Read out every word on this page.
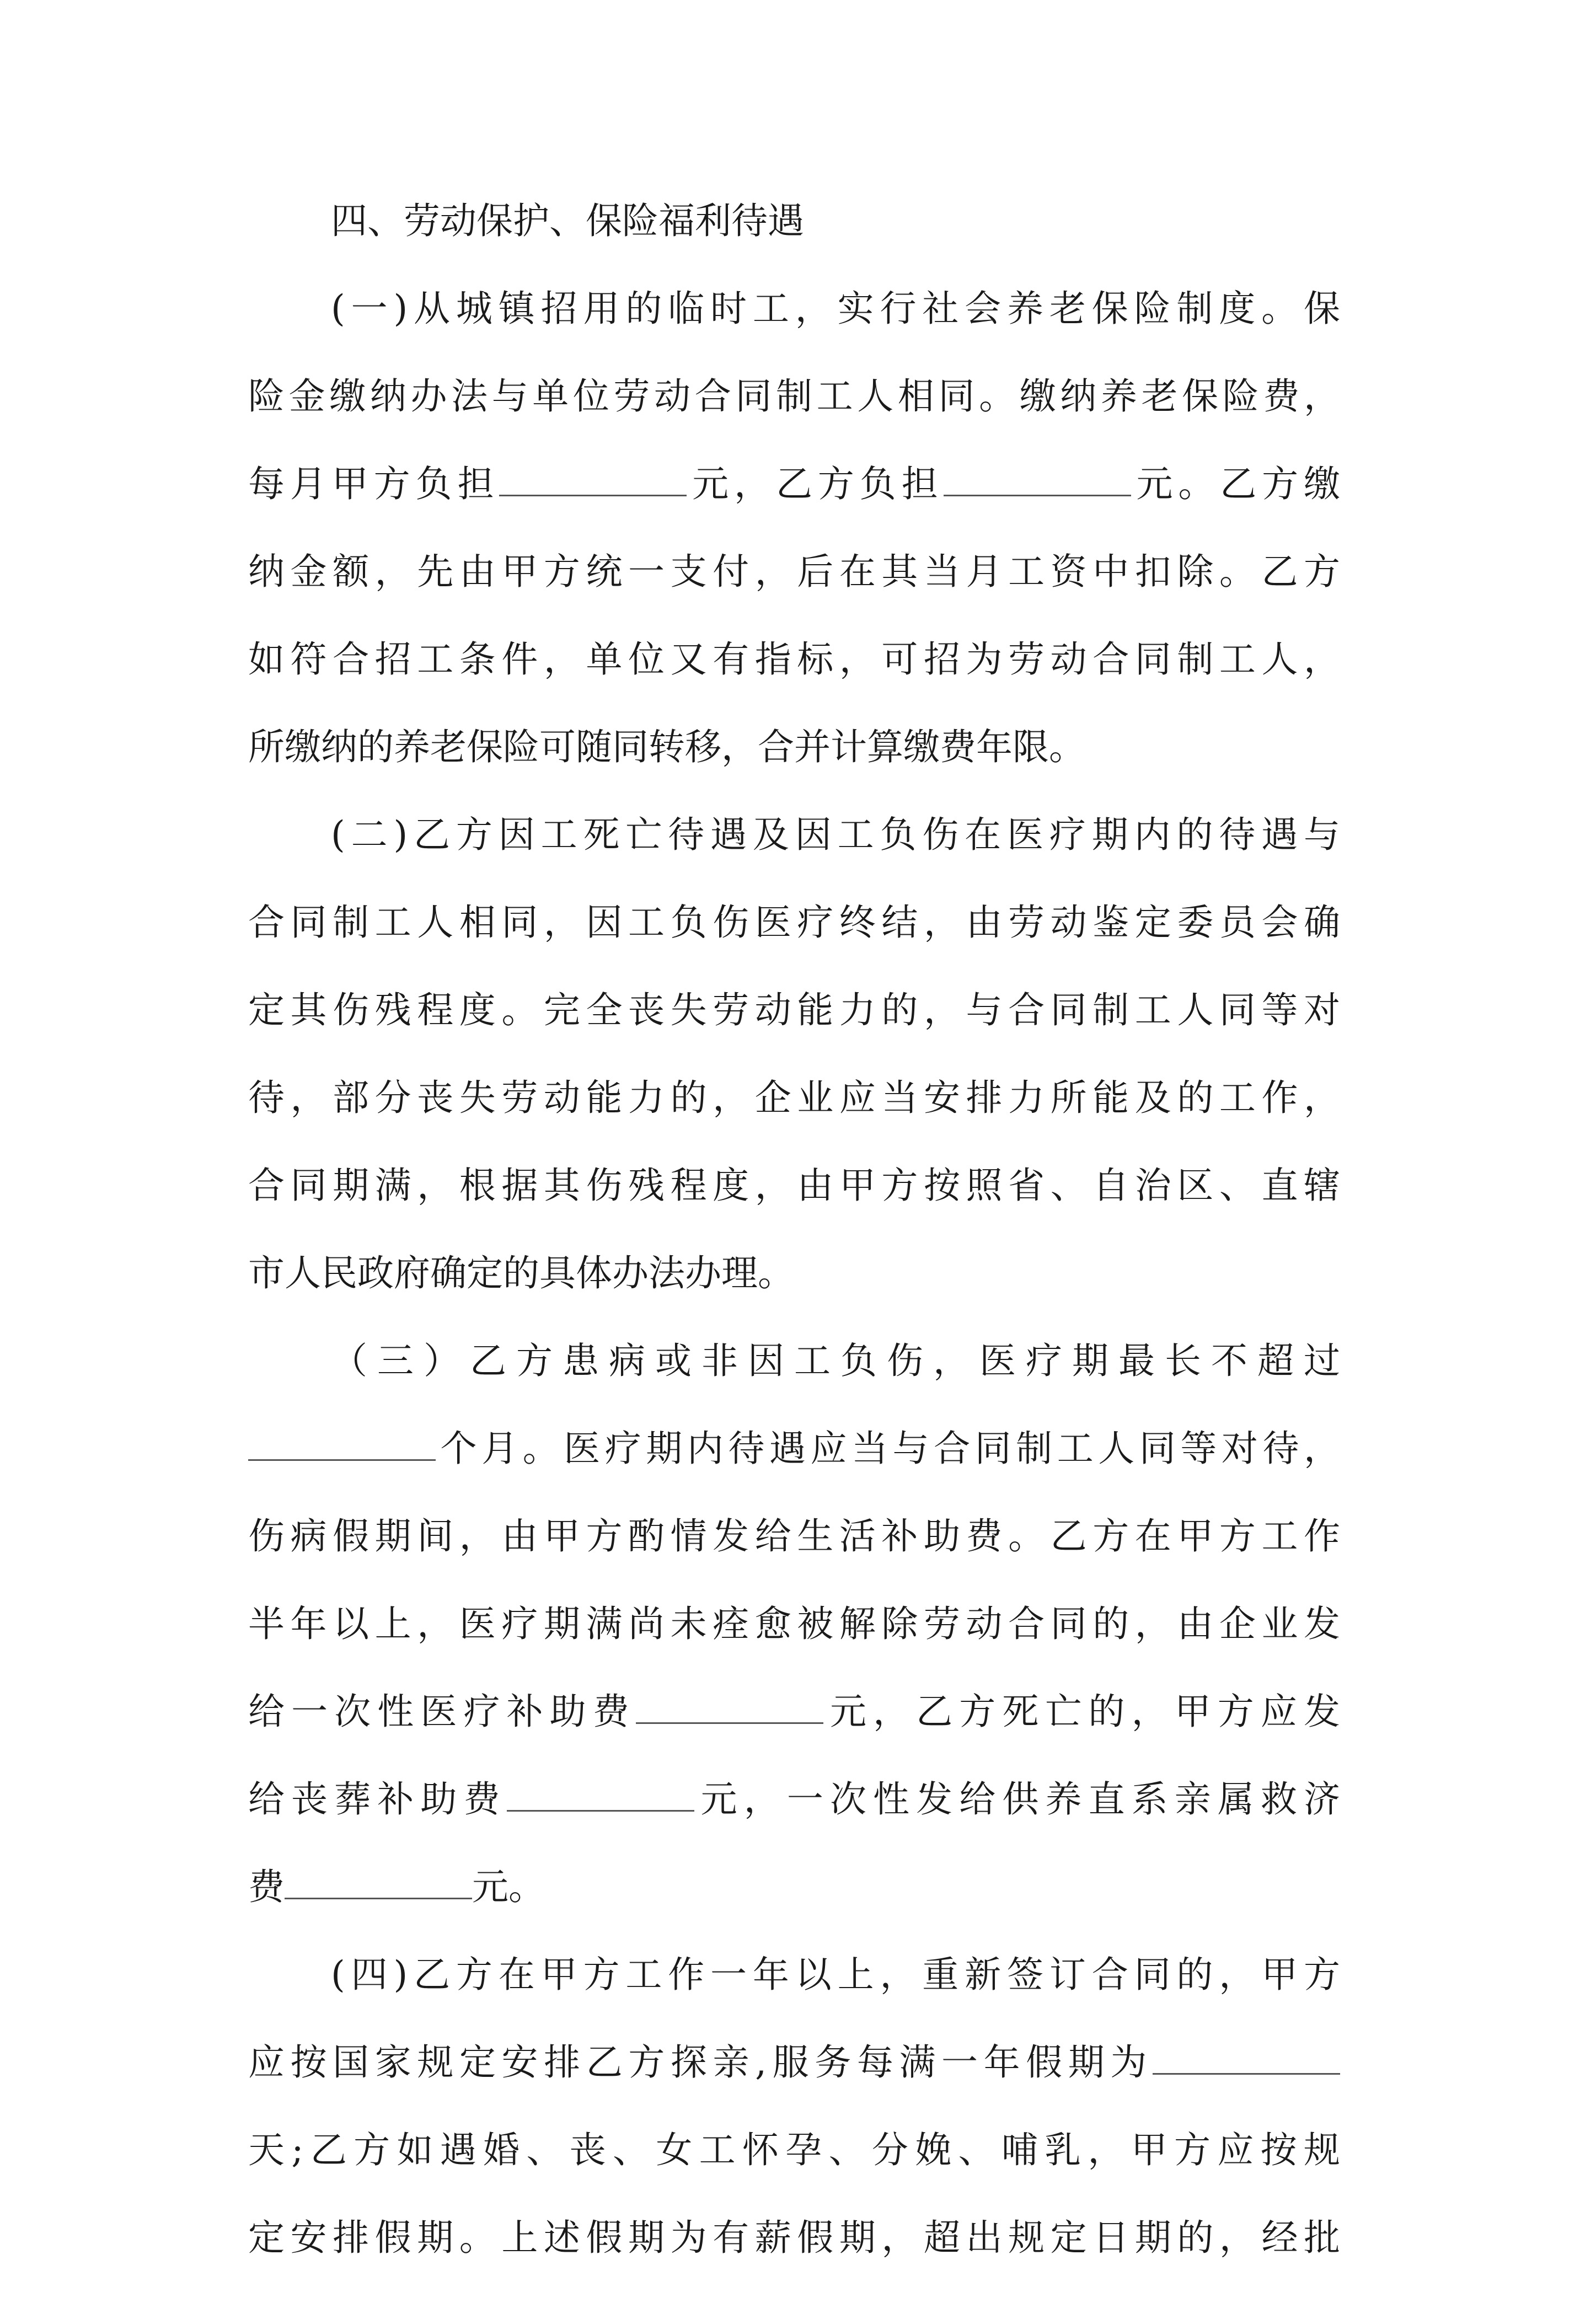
四、劳动保护、保险福利待遇
(一)从城镇招用的临时工，实行社会养老保险制度。保
险金缴纳办法与单位劳动合同制工人相同。缴纳养老保险费，
每月甲方负担	元，乙方负担	元。乙方缴
纳金额，先由甲方统一支付，后在其当月工资中扣除。乙方
如符合招工条件，单位又有指标，可招为劳动合同制工人，
所缴纳的养老保险可随同转移，合并计算缴费年限。
(二)乙方因工死亡待遇及因工负伤在医疗期内的待遇与
合同制工人相同，因工负伤医疗终结，由劳动鉴定委员会确
定其伤残程度。完全丧失劳动能力的，与合同制工人同等对
待，部分丧失劳动能力的，企业应当安排力所能及的工作，
合同期满，根据其伤残程度，由甲方按照省、自治区、直辖
市人民政府确定的具体办法办理。
（三）乙方患病或非因工负伤，医疗期最长不超过
个月。医疗期内待遇应当与合同制工人同等对待，
伤病假期间，由甲方酌情发给生活补助费。乙方在甲方工作
半年以上，医疗期满尚未痊愈被解除劳动合同的，由企业发
给一次性医疗补助费	元，乙方死亡的，甲方应发
给丧葬补助费	元，一次性发给供养直系亲属救济
费	元。
(四)乙方在甲方工作一年以上，重新签订合同的，甲方
应按国家规定安排乙方探亲,服务每满一年假期为
天;乙方如遇婚、丧、女工怀孕、分娩、哺乳，甲方应按规
定安排假期。上述假期为有薪假期，超出规定日期的，经批
